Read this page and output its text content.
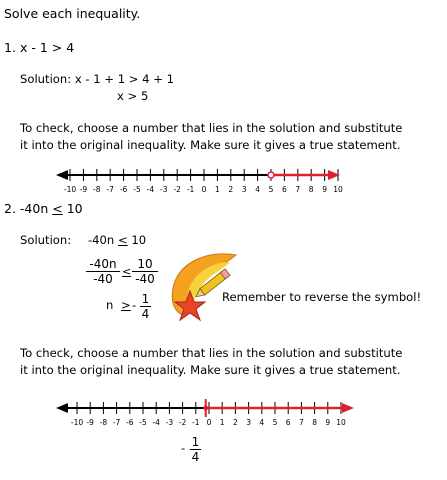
Solve each inequality.
1. x - 1 > 4
Solution: x - 1 + 1 > 4 + 1
x > 5
To check, choose a number that lies in the solution and substitute
it into the original inequality. Make sure it gives a true statement.
-10 -9 -8 -7 -6 -5 -4 -3 -2 -1 0 1 2 3 4 5 6 7 8 9 10
2. -40n < 10
Solution: -40n < 10
-40n
-40
<
10
-40
n > - 1
4
Remember to reverse the symbol!
To check, choose a number that lies in the solution and substitute
it into the original inequality. Make sure it gives a true statement.
-10 -9 -8 -7 -6 -5 -4 -3 -2 -1 0 1 2 3 4 5 6 7 8 9 10
- 1
4
